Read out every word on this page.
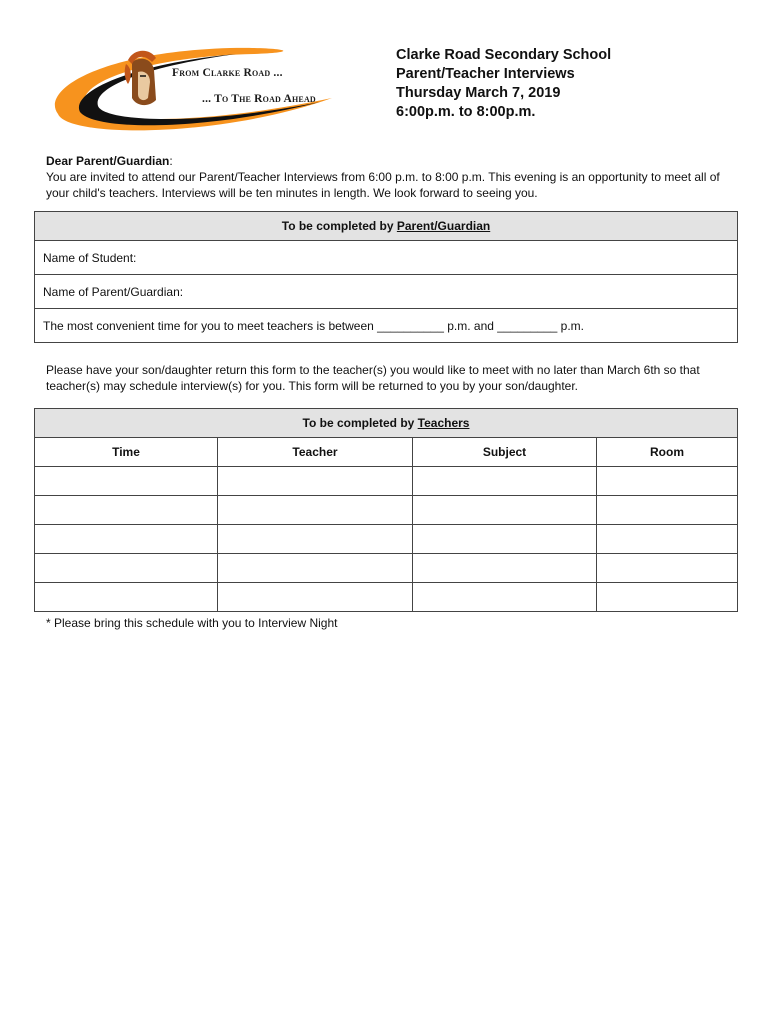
From Clarke Road ...
... To The Road Ahead
Clarke Road Secondary School
Parent/Teacher Interviews
Thursday March 7, 2019
6:00p.m. to 8:00p.m.
Dear Parent/Guardian:
You are invited to attend our Parent/Teacher Interviews from 6:00 p.m. to 8:00 p.m. This evening is an opportunity to meet all of your child's teachers. Interviews will be ten minutes in length. We look forward to seeing you.
To be completed by Parent/Guardian
Name of Student:
Name of Parent/Guardian:
The most convenient time for you to meet teachers is between __________ p.m. and _________ p.m.
Please have your son/daughter return this form to the teacher(s) you would like to meet with no later than March 6th so that teacher(s) may schedule interview(s) for you. This form will be returned to you by your son/daughter.
To be completed by Teachers			
Time	Teacher	Subject	Room

* Please bring this schedule with you to Interview Night
